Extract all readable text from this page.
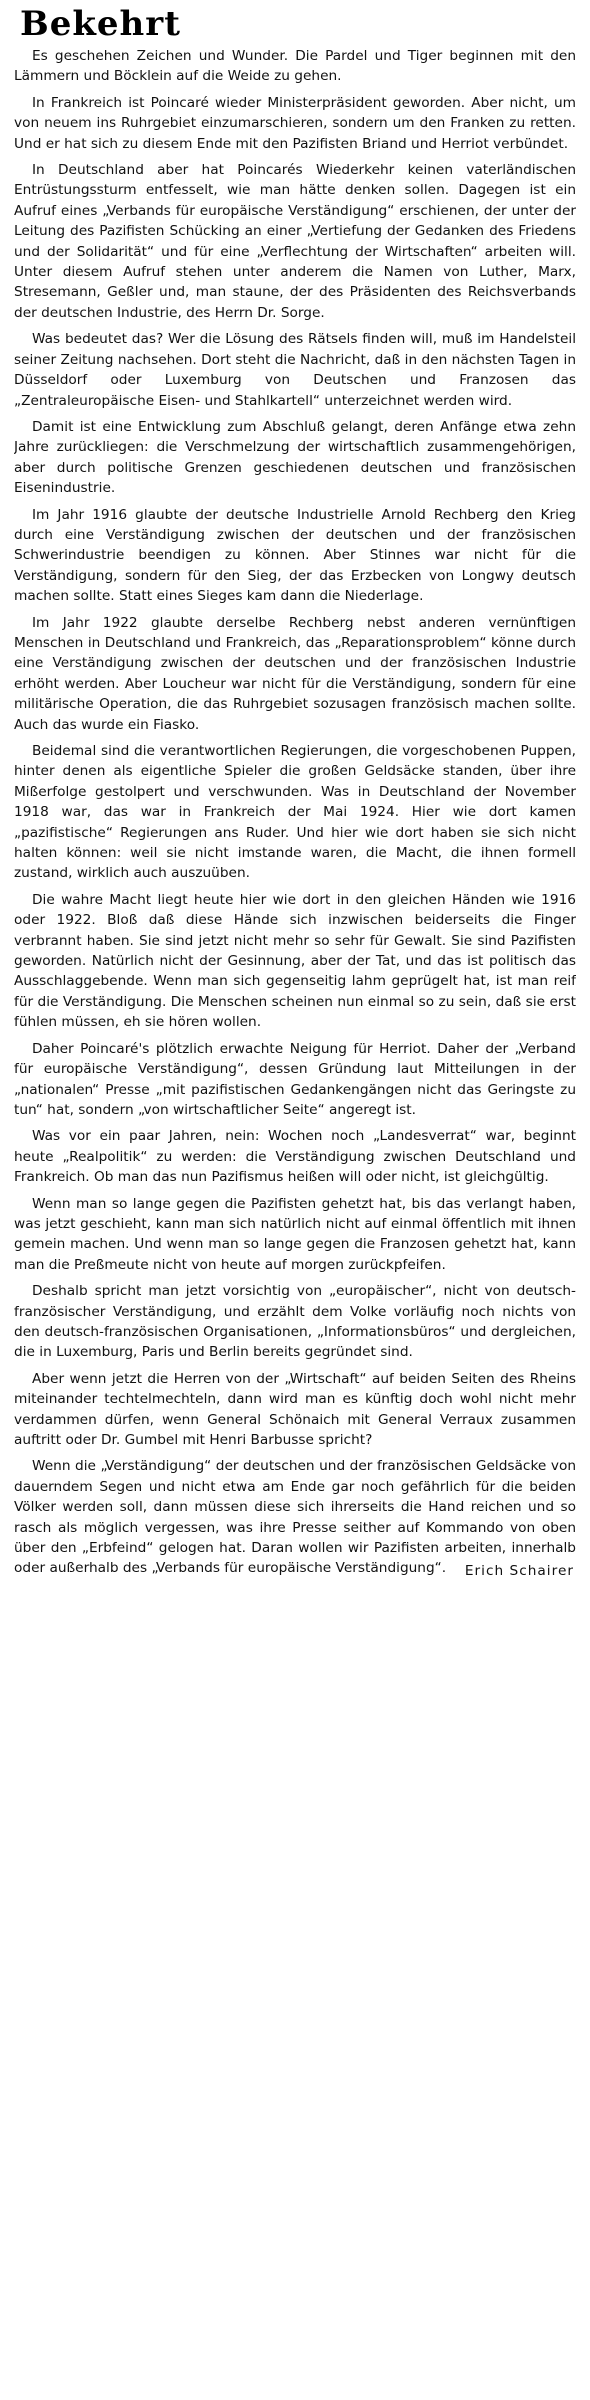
Bekehrt

Es geschehen Zeichen und Wunder. Die Pardel und Tiger beginnen mit den Lämmern und Böcklein auf die Weide zu gehen.

In Frankreich ist Poincaré wieder Ministerpräsident geworden. Aber nicht, um von neuem ins Ruhrgebiet einzumarschieren, sondern um den Franken zu retten. Und er hat sich zu diesem Ende mit den Pazifisten Briand und Herriot verbündet.

In Deutschland aber hat Poincarés Wiederkehr keinen vaterländischen Entrüstungssturm entfesselt, wie man hätte denken sollen. Dagegen ist ein Aufruf eines „Verbands für europäische Verständigung“ erschienen, der unter der Leitung des Pazifisten Schücking an einer „Vertiefung der Gedanken des Friedens und der Solidarität“ und für eine „Verflechtung der Wirtschaften“ arbeiten will. Unter diesem Aufruf stehen unter anderem die Namen von Luther, Marx, Stresemann, Geßler und, man staune, der des Präsidenten des Reichsverbands der deutschen Industrie, des Herrn Dr. Sorge.

Was bedeutet das? Wer die Lösung des Rätsels finden will, muß im Handelsteil seiner Zeitung nachsehen. Dort steht die Nachricht, daß in den nächsten Tagen in Düsseldorf oder Luxemburg von Deutschen und Franzosen das „Zentraleuropäische Eisen- und Stahlkartell“ unterzeichnet werden wird.

Damit ist eine Entwicklung zum Abschluß gelangt, deren Anfänge etwa zehn Jahre zurückliegen: die Verschmelzung der wirtschaftlich zusammengehörigen, aber durch politische Grenzen geschiedenen deutschen und französischen Eisenindustrie.

Im Jahr 1916 glaubte der deutsche Industrielle Arnold Rechberg den Krieg durch eine Verständigung zwischen der deutschen und der französischen Schwerindustrie beendigen zu können. Aber Stinnes war nicht für die Verständigung, sondern für den Sieg, der das Erzbecken von Longwy deutsch machen sollte. Statt eines Sieges kam dann die Niederlage.

Im Jahr 1922 glaubte derselbe Rechberg nebst anderen vernünftigen Menschen in Deutschland und Frankreich, das „Reparationsproblem“ könne durch eine Verständigung zwischen der deutschen und der französischen Industrie erhöht werden. Aber Loucheur war nicht für die Verständigung, sondern für eine militärische Operation, die das Ruhrgebiet sozusagen französisch machen sollte. Auch das wurde ein Fiasko.

Beidemal sind die verantwortlichen Regierungen, die vorgeschobenen Puppen, hinter denen als eigentliche Spieler die großen Geldsäcke standen, über ihre Mißerfolge gestolpert und verschwunden. Was in Deutschland der November 1918 war, das war in Frankreich der Mai 1924. Hier wie dort kamen „pazifistische“ Regierungen ans Ruder. Und hier wie dort haben sie sich nicht halten können: weil sie nicht imstande waren, die Macht, die ihnen formell zustand, wirklich auch auszuüben.

Die wahre Macht liegt heute hier wie dort in den gleichen Händen wie 1916 oder 1922. Bloß daß diese Hände sich inzwischen beiderseits die Finger verbrannt haben. Sie sind jetzt nicht mehr so sehr für Gewalt. Sie sind Pazifisten geworden. Natürlich nicht der Gesinnung, aber der Tat, und das ist politisch das Ausschlaggebende. Wenn man sich gegenseitig lahm geprügelt hat, ist man reif für die Verständigung. Die Menschen scheinen nun einmal so zu sein, daß sie erst fühlen müssen, eh sie hören wollen.

Daher Poincaré's plötzlich erwachte Neigung für Herriot. Daher der „Verband für europäische Verständigung“, dessen Gründung laut Mitteilungen in der „nationalen“ Presse „mit pazifistischen Gedankengängen nicht das Geringste zu tun“ hat, sondern „von wirtschaftlicher Seite“ angeregt ist.

Was vor ein paar Jahren, nein: Wochen noch „Landesverrat“ war, beginnt heute „Realpolitik“ zu werden: die Verständigung zwischen Deutschland und Frankreich. Ob man das nun Pazifismus heißen will oder nicht, ist gleichgültig.

Wenn man so lange gegen die Pazifisten gehetzt hat, bis das verlangt haben, was jetzt geschieht, kann man sich natürlich nicht auf einmal öffentlich mit ihnen gemein machen. Und wenn man so lange gegen die Franzosen gehetzt hat, kann man die Preßmeute nicht von heute auf morgen zurückpfeifen.

Deshalb spricht man jetzt vorsichtig von „europäischer“, nicht von deutsch-französischer Verständigung, und erzählt dem Volke vorläufig noch nichts von den deutsch-französischen Organisationen, „Informationsbüros“ und dergleichen, die in Luxemburg, Paris und Berlin bereits gegründet sind.

Aber wenn jetzt die Herren von der „Wirtschaft“ auf beiden Seiten des Rheins miteinander techtelmechteln, dann wird man es künftig doch wohl nicht mehr verdammen dürfen, wenn General Schönaich mit General Verraux zusammen auftritt oder Dr. Gumbel mit Henri Barbusse spricht?

Wenn die „Verständigung“ der deutschen und der französischen Geldsäcke von dauerndem Segen und nicht etwa am Ende gar noch gefährlich für die beiden Völker werden soll, dann müssen diese sich ihrerseits die Hand reichen und so rasch als möglich vergessen, was ihre Presse seither auf Kommando von oben über den „Erbfeind“ gelogen hat. Daran wollen wir Pazifisten arbeiten, innerhalb oder außerhalb des „Verbands für europäische Verständigung“.	Erich Schairer
